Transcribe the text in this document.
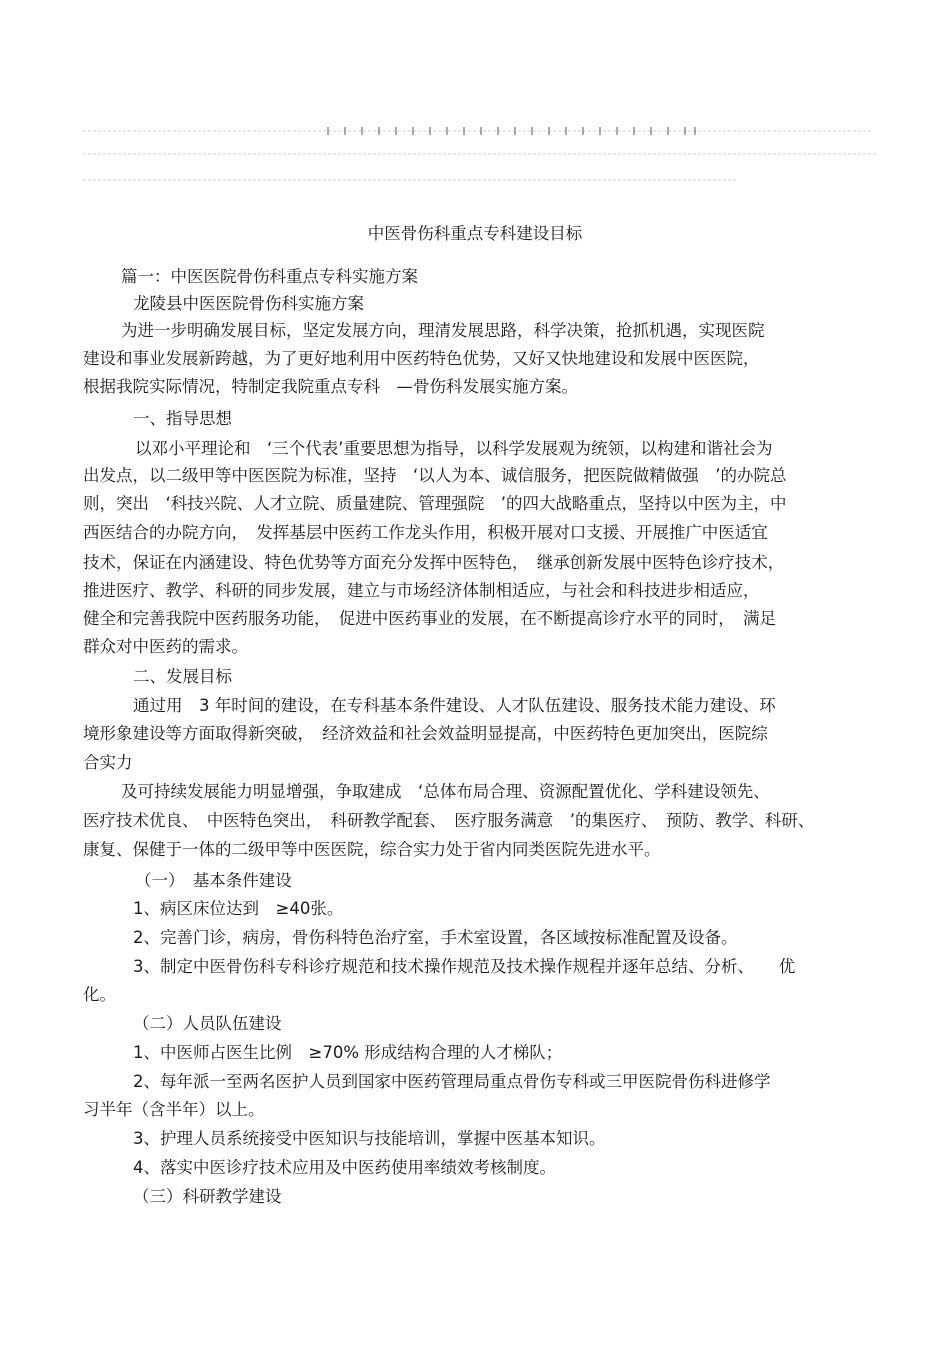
中医骨伤科重点专科建设目标
篇一：中医医院骨伤科重点专科实施方案
龙陵县中医医院骨伤科实施方案
为进一步明确发展目标，坚定发展方向，理清发展思路，科学决策，抢抓机遇，实现医院
建设和事业发展新跨越，为了更好地利用中医药特色优势，又好又快地建设和发展中医医院，
根据我院实际情况，特制定我院重点专科　—骨伤科发展实施方案。
一、指导思想
以邓小平理论和　‘三个代表’重要思想为指导，以科学发展观为统领，以构建和谐社会为
出发点，以二级甲等中医医院为标准，坚持　‘以人为本、诚信服务，把医院做精做强　’的办院总
则，突出　‘科技兴院、人才立院、质量建院、管理强院　’的四大战略重点，坚持以中医为主，中
西医结合的办院方向，　发挥基层中医药工作龙头作用，积极开展对口支援、开展推广中医适宜
技术，保证在内涵建设、特色优势等方面充分发挥中医特色，　继承创新发展中医特色诊疗技术，
推进医疗、教学、科研的同步发展，建立与市场经济体制相适应，与社会和科技进步相适应，
健全和完善我院中医药服务功能，　促进中医药事业的发展，在不断提高诊疗水平的同时，　满足
群众对中医药的需求。
二、发展目标
通过用　3 年时间的建设，在专科基本条件建设、人才队伍建设、服务技术能力建设、环
境形象建设等方面取得新突破，　经济效益和社会效益明显提高，中医药特色更加突出，医院综
合实力
及可持续发展能力明显增强，争取建成　‘总体布局合理、资源配置优化、学科建设领先、
医疗技术优良、　中医特色突出，　科研教学配套、　医疗服务满意　’的集医疗、　预防、教学、科研、
康复、保健于一体的二级甲等中医医院，综合实力处于省内同类医院先进水平。
（一）　基本条件建设
1、病区床位达到　≥40张。
2、完善门诊，病房，骨伤科特色治疗室，手术室设置，各区域按标准配置及设备。
3、制定中医骨伤科专科诊疗规范和技术操作规范及技术操作规程并逐年总结、分析、　　优
化。
（二）人员队伍建设
1、中医师占医生比例　≥70% 形成结构合理的人才梯队；
2、每年派一至两名医护人员到国家中医药管理局重点骨伤专科或三甲医院骨伤科进修学
习半年（含半年）以上。
3、护理人员系统接受中医知识与技能培训，掌握中医基本知识。
4、落实中医诊疗技术应用及中医药使用率绩效考核制度。
（三）科研教学建设
